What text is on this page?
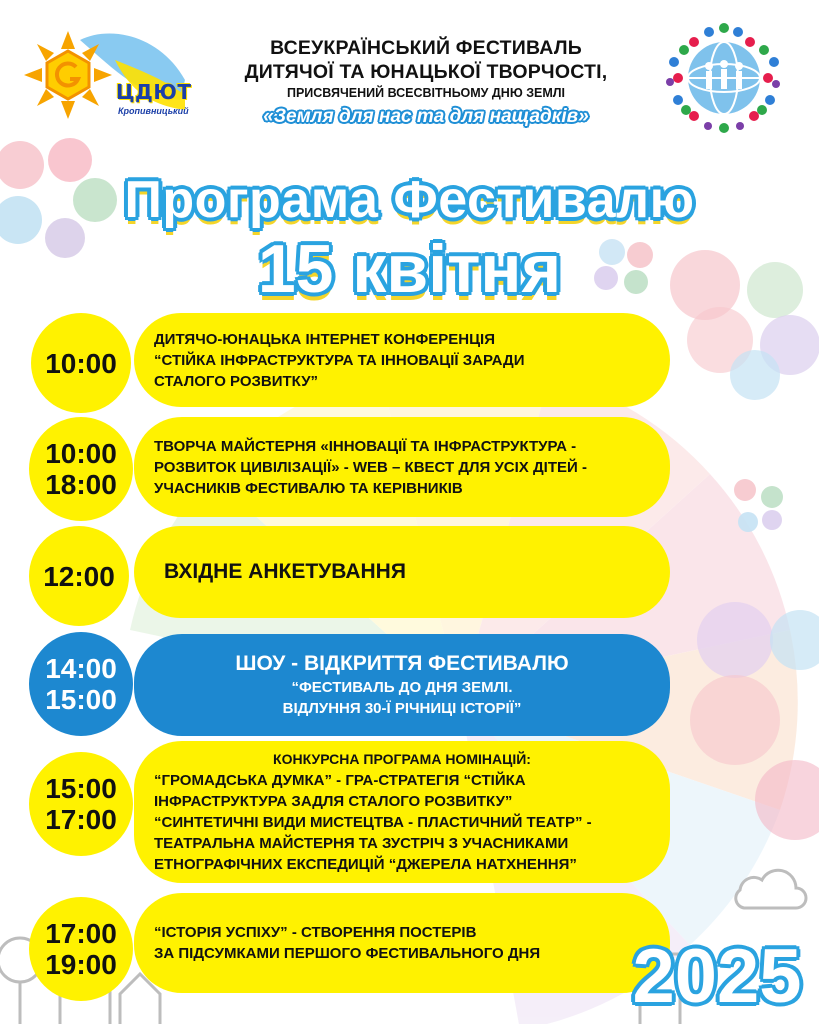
ЦДЮТ
Кропивницький
ВСЕУКРАЇНСЬКИЙ ФЕСТИВАЛЬ
ДИТЯЧОЇ ТА ЮНАЦЬКОЇ ТВОРЧОСТІ,
ПРИСВЯЧЕНИЙ ВСЕСВІТНЬОМУ ДНЮ ЗЕМЛІ
«Земля для нас та для нащадків»
Програма Фестивалю
15 квітня
ДИТЯЧО-ЮНАЦЬКА ІНТЕРНЕТ КОНФЕРЕНЦІЯ
“СТІЙКА ІНФРАСТРУКТУРА ТА ІННОВАЦІЇ ЗАРАДИ
СТАЛОГО РОЗВИТКУ”
10:00
ТВОРЧА МАЙСТЕРНЯ «ІННОВАЦІЇ ТА ІНФРАСТРУКТУРА -
РОЗВИТОК ЦИВІЛІЗАЦІЇ» - WEB – КВЕСТ ДЛЯ УСІХ ДІТЕЙ -
УЧАСНИКІВ ФЕСТИВАЛЮ ТА КЕРІВНИКІВ
10:00
18:00
ВХІДНЕ АНКЕТУВАННЯ
12:00
ШОУ - ВІДКРИТТЯ ФЕСТИВАЛЮ
“ФЕСТИВАЛЬ ДО ДНЯ ЗЕМЛІ.
ВІДЛУННЯ 30-Ї РІЧНИЦІ ІСТОРІЇ”
14:00
15:00
КОНКУРСНА ПРОГРАМА НОМІНАЦІЙ:
“ГРОМАДСЬКА ДУМКА” - ГРА-СТРАТЕГІЯ “СТІЙКА
ІНФРАСТРУКТУРА ЗАДЛЯ СТАЛОГО РОЗВИТКУ”
“СИНТЕТИЧНІ ВИДИ МИСТЕЦТВА - ПЛАСТИЧНИЙ ТЕАТР” -
ТЕАТРАЛЬНА МАЙСТЕРНЯ ТА ЗУСТРІЧ З УЧАСНИКАМИ
ЕТНОГРАФІЧНИХ ЕКСПЕДИЦІЙ “ДЖЕРЕЛА НАТХНЕННЯ”
15:00
17:00
“ІСТОРІЯ УСПІХУ” - СТВОРЕННЯ ПОСТЕРІВ
ЗА ПІДСУМКАМИ ПЕРШОГО ФЕСТИВАЛЬНОГО ДНЯ
17:00
19:00	2025
